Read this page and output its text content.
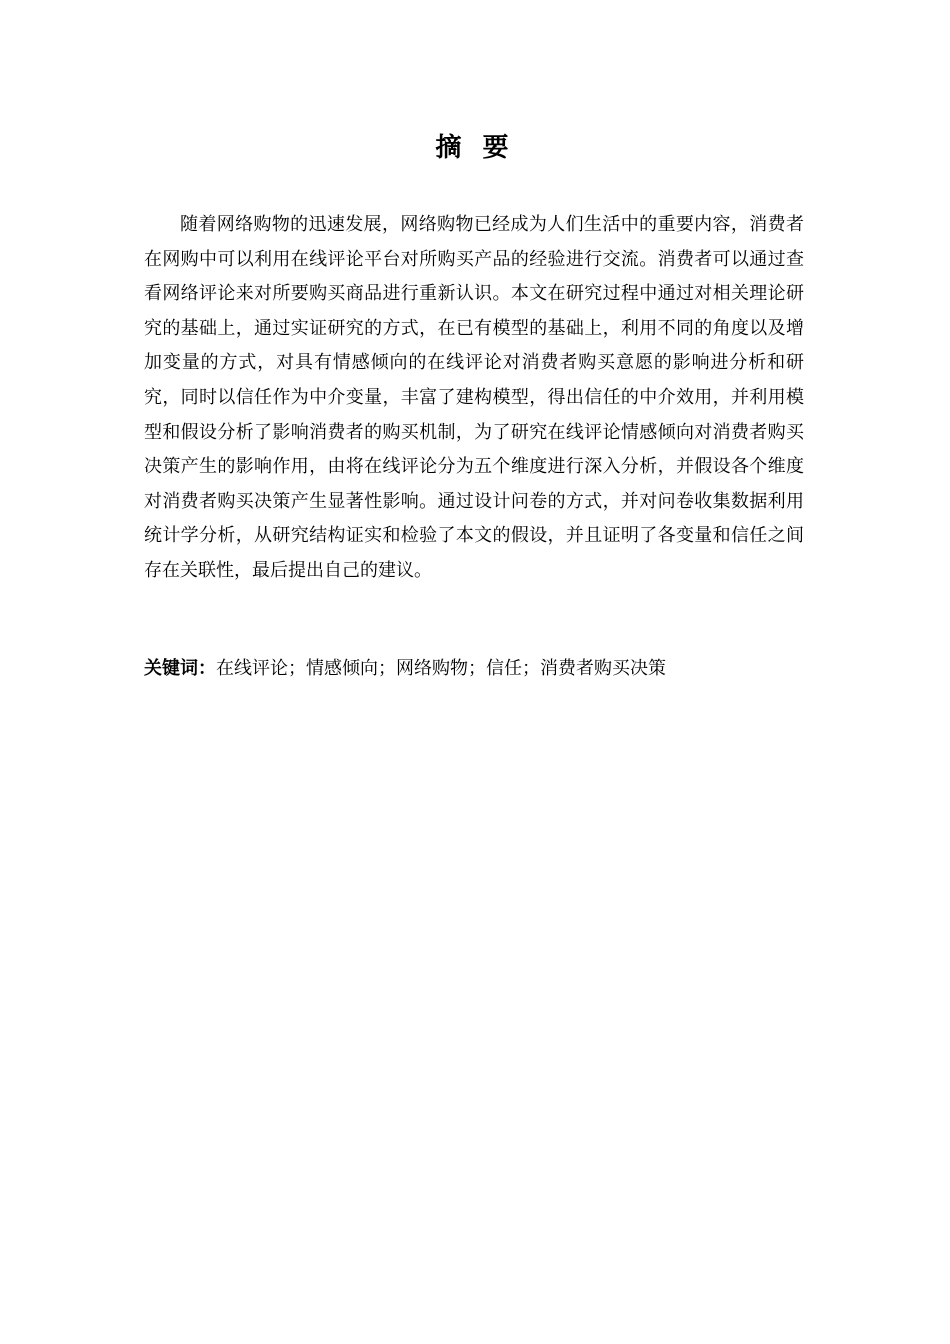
摘 要

随着网络购物的迅速发展，网络购物已经成为人们生活中的重要内容，消费者在网购中可以利用在线评论平台对所购买产品的经验进行交流。消费者可以通过查看网络评论来对所要购买商品进行重新认识。本文在研究过程中通过对相关理论研究的基础上，通过实证研究的方式，在已有模型的基础上，利用不同的角度以及增加变量的方式，对具有情感倾向的在线评论对消费者购买意愿的影响进分析和研究，同时以信任作为中介变量，丰富了建构模型，得出信任的中介效用，并利用模型和假设分析了影响消费者的购买机制，为了研究在线评论情感倾向对消费者购买决策产生的影响作用，由将在线评论分为五个维度进行深入分析，并假设各个维度对消费者购买决策产生显著性影响。通过设计问卷的方式，并对问卷收集数据利用统计学分析，从研究结构证实和检验了本文的假设，并且证明了各变量和信任之间存在关联性，最后提出自己的建议。

关键词：在线评论；情感倾向；网络购物；信任；消费者购买决策
